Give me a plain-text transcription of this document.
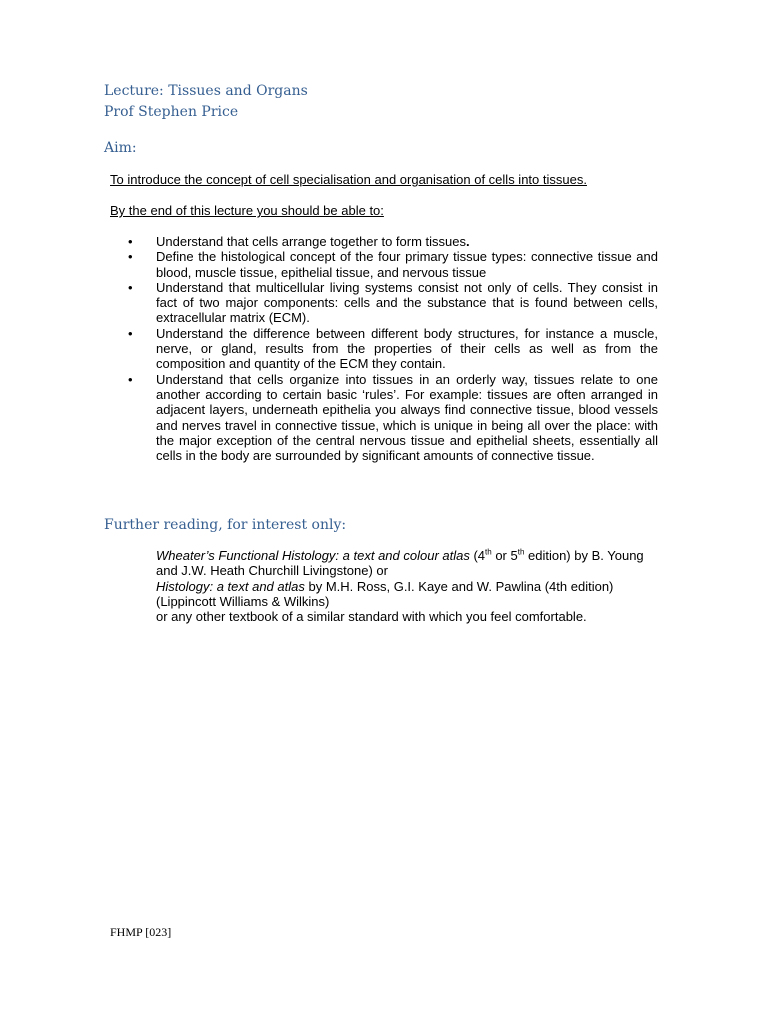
Lecture: Tissues and Organs
Prof Stephen Price
Aim:
To introduce the concept of cell specialisation and organisation of cells into tissues.
By the end of this lecture you should be able to:
• Understand that cells arrange together to form tissues.
• Define the histological concept of the four primary tissue types: connective tissue and blood, muscle tissue, epithelial tissue, and nervous tissue
• Understand that multicellular living systems consist not only of cells. They consist in fact of two major components: cells and the substance that is found between cells, extracellular matrix (ECM).
• Understand the difference between different body structures, for instance a muscle, nerve, or gland, results from the properties of their cells as well as from the composition and quantity of the ECM they contain.
• Understand that cells organize into tissues in an orderly way, tissues relate to one another according to certain basic ‘rules’. For example: tissues are often arranged in adjacent layers, underneath epithelia you always find connective tissue, blood vessels and nerves travel in connective tissue, which is unique in being all over the place: with the major exception of the central nervous tissue and epithelial sheets, essentially all cells in the body are surrounded by significant amounts of connective tissue.
Further reading, for interest only:

Wheater’s Functional Histology: a text and colour atlas (4th or 5th edition) by B. Young and J.W. Heath Churchill Livingstone) or

Histology: a text and atlas by M.H. Ross, G.I. Kaye and W. Pawlina (4th edition) (Lippincott Williams & Wilkins)

or any other textbook of a similar standard with which you feel comfortable.

FHMP [023]
